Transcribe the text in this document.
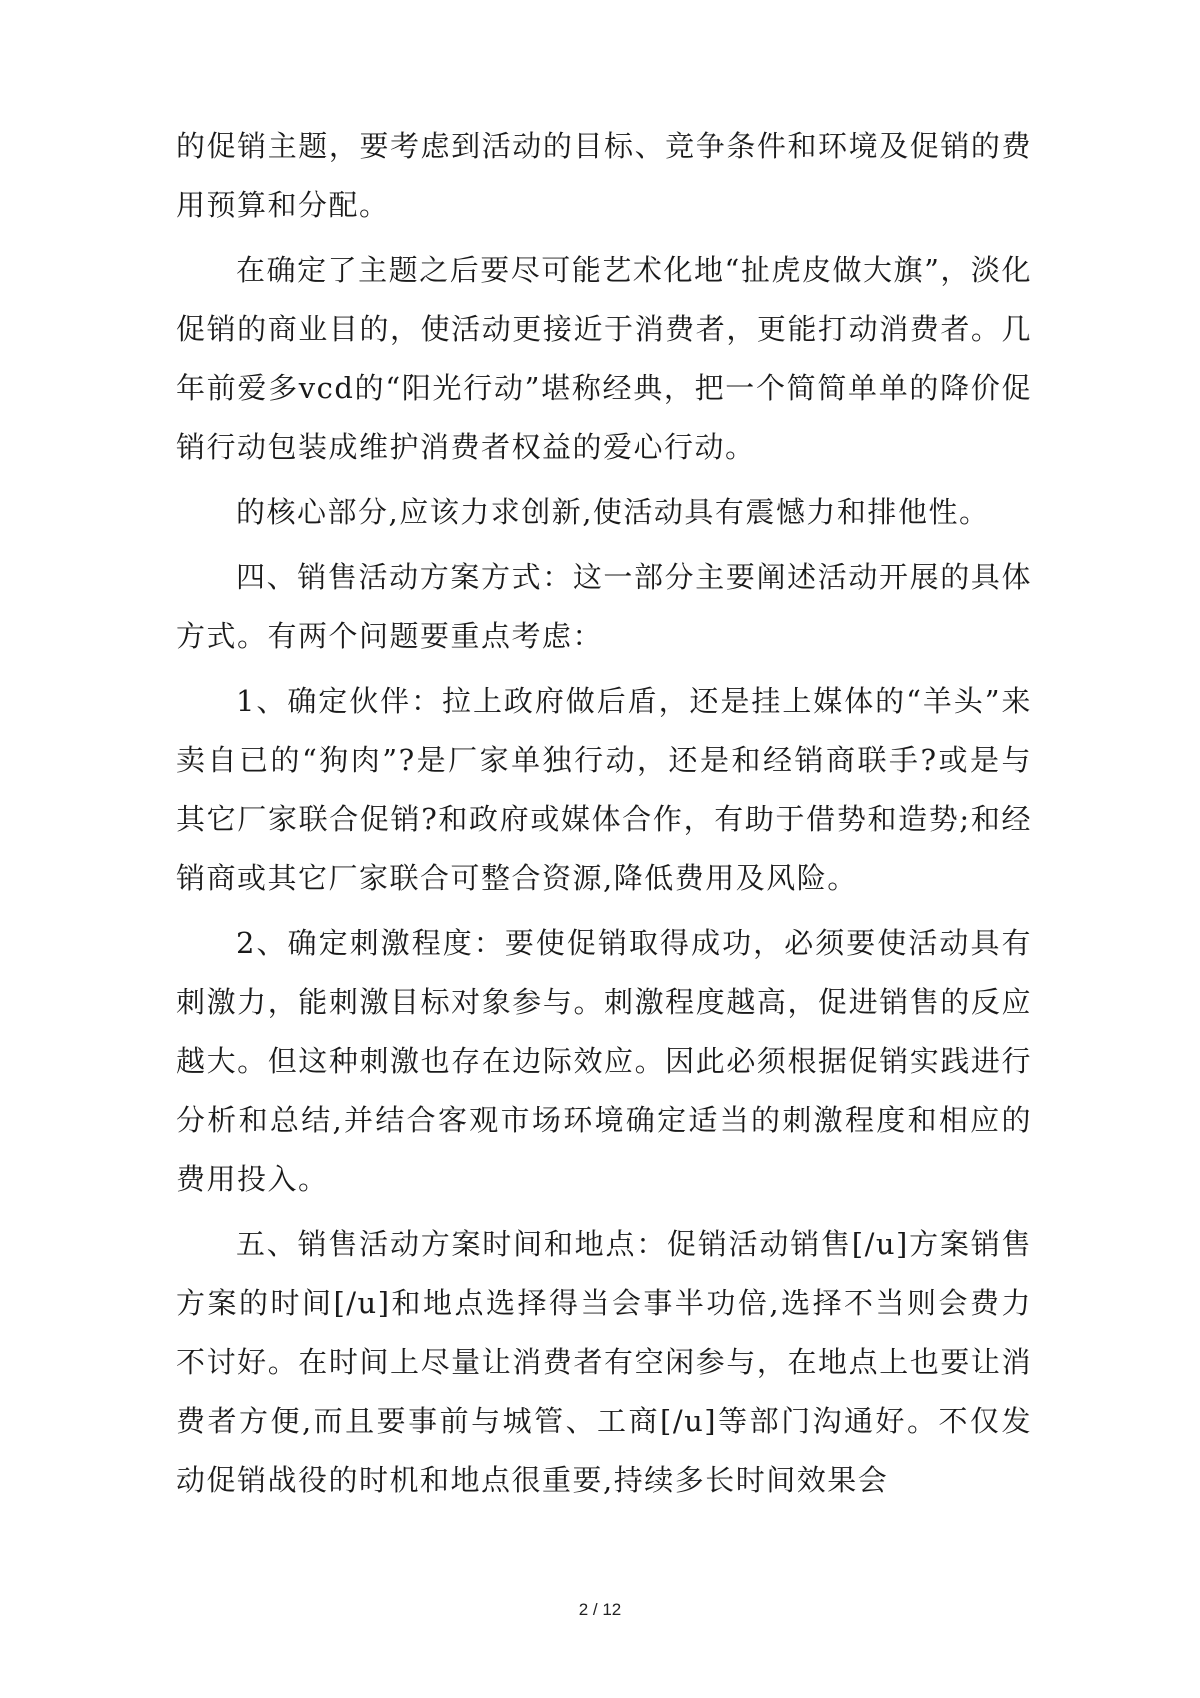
的促销主题，要考虑到活动的目标、竞争条件和环境及促销的费用预算和分配。

在确定了主题之后要尽可能艺术化地“扯虎皮做大旗”，淡化促销的商业目的，使活动更接近于消费者，更能打动消费者。几年前爱多vcd的“阳光行动”堪称经典，把一个简简单单的降价促销行动包装成维护消费者权益的爱心行动。

的核心部分,应该力求创新,使活动具有震憾力和排他性。

四、销售活动方案方式：这一部分主要阐述活动开展的具体方式。有两个问题要重点考虑：

1、确定伙伴：拉上政府做后盾，还是挂上媒体的“羊头”来卖自已的“狗肉”?是厂家单独行动，还是和经销商联手?或是与其它厂家联合促销?和政府或媒体合作，有助于借势和造势;和经销商或其它厂家联合可整合资源,降低费用及风险。

2、确定刺激程度：要使促销取得成功，必须要使活动具有刺激力，能刺激目标对象参与。刺激程度越高，促进销售的反应越大。但这种刺激也存在边际效应。因此必须根据促销实践进行分析和总结,并结合客观市场环境确定适当的刺激程度和相应的费用投入。

五、销售活动方案时间和地点：促销活动销售[/u]方案销售方案的时间[/u]和地点选择得当会事半功倍,选择不当则会费力不讨好。在时间上尽量让消费者有空闲参与，在地点上也要让消费者方便,而且要事前与城管、工商[/u]等部门沟通好。不仅发动促销战役的时机和地点很重要,持续多长时间效果会

2 / 12
